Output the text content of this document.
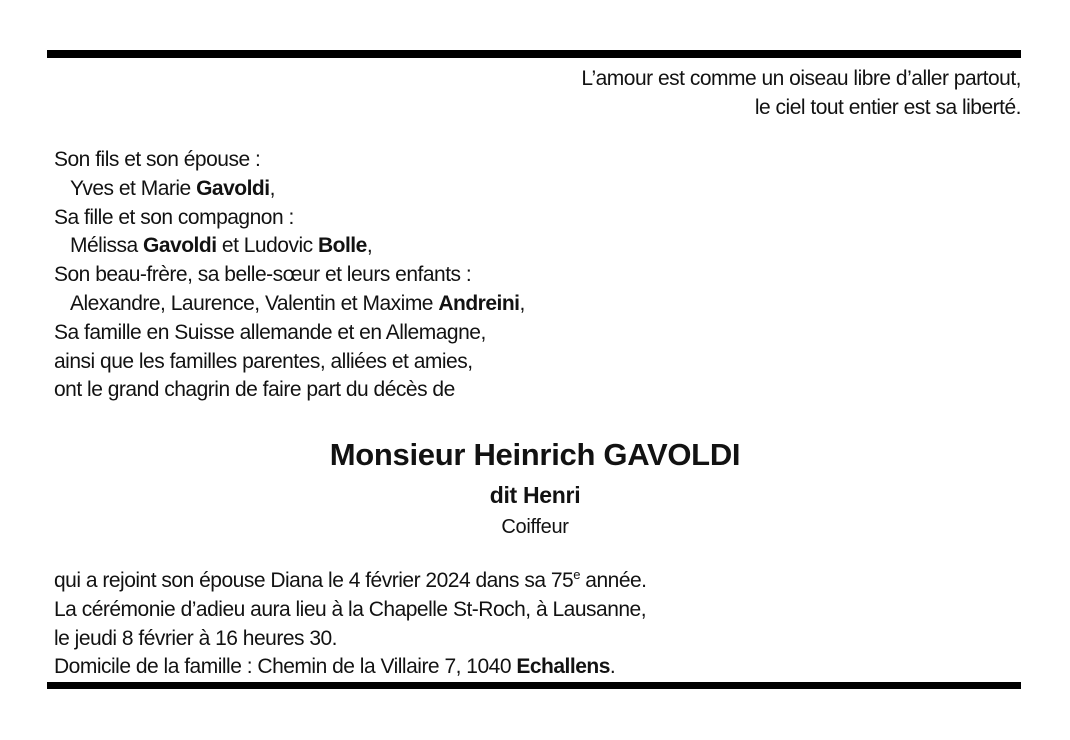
L’amour est comme un oiseau libre d’aller partout,
le ciel tout entier est sa liberté.
Son fils et son épouse :
Yves et Marie Gavoldi,
Sa fille et son compagnon :
Mélissa Gavoldi et Ludovic Bolle,
Son beau-frère, sa belle-sœur et leurs enfants :
Alexandre, Laurence, Valentin et Maxime Andreini,
Sa famille en Suisse allemande et en Allemagne,
ainsi que les familles parentes, alliées et amies,
ont le grand chagrin de faire part du décès de
Monsieur Heinrich GAVOLDI
dit Henri
Coiffeur
qui a rejoint son épouse Diana le 4 février 2024 dans sa 75e année.
La cérémonie d’adieu aura lieu à la Chapelle St-Roch, à Lausanne,
le jeudi 8 février à 16 heures 30.
Domicile de la famille : Chemin de la Villaire 7, 1040 Echallens.
